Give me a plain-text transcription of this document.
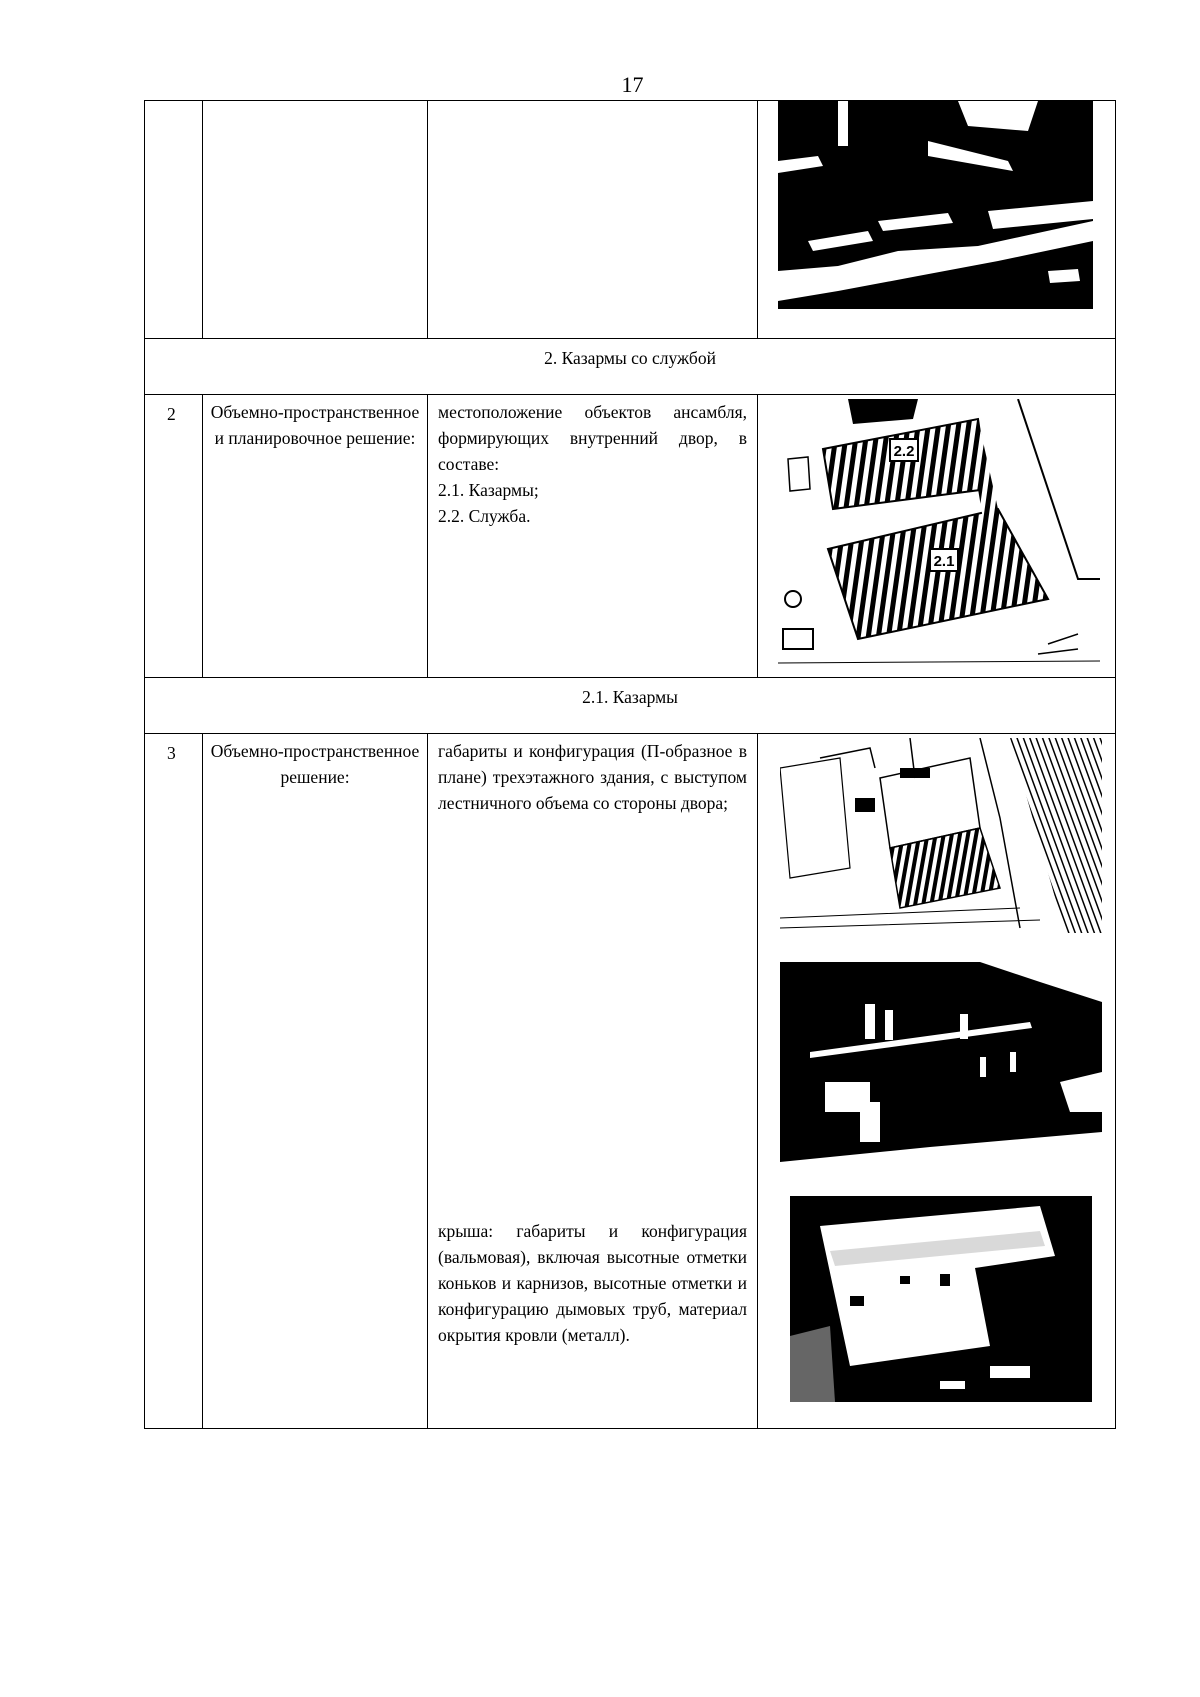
17

2. Казармы со службой			
2	Объемно-пространственное и планировочное решение:	местоположение объектов ансамбля, формирующих внутренний двор, в составе:
2.1. Казармы;
2.2. Служба.	2.2
2.1

2.1. Казармы			
3	Объемно-пространственное решение:	габариты и конфигурация (П-образное в плане) трехэтажного здания, с выступом лестничного объема со стороны двора;
крыша: габариты и конфигурация (вальмовая), включая высотные отметки коньков и карнизов, высотные отметки и конфигурацию дымовых труб, материал окрытия кровли (металл).
